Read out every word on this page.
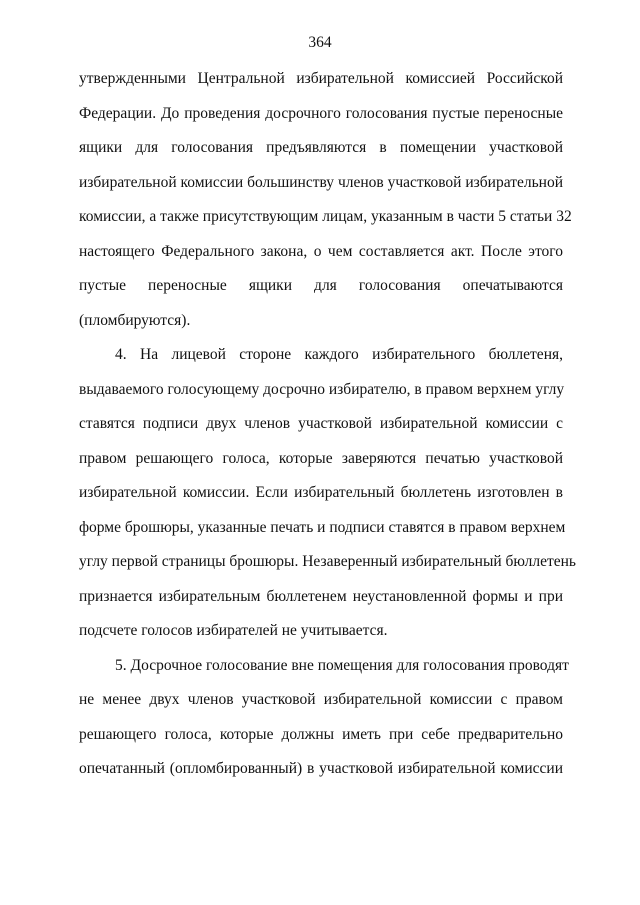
364
утвержденными Центральной избирательной комиссией Российской
Федерации. До проведения досрочного голосования пустые переносные
ящики для голосования предъявляются в помещении участковой
избирательной комиссии большинству членов участковой избирательной
комиссии, а также присутствующим лицам, указанным в части 5 статьи 32
настоящего Федерального закона, о чем составляется акт. После этого
пустые переносные ящики для голосования опечатываются
(пломбируются).
4. На лицевой стороне каждого избирательного бюллетеня,
выдаваемого голосующему досрочно избирателю, в правом верхнем углу
ставятся подписи двух членов участковой избирательной комиссии с
правом решающего голоса, которые заверяются печатью участковой
избирательной комиссии. Если избирательный бюллетень изготовлен в
форме брошюры, указанные печать и подписи ставятся в правом верхнем
углу первой страницы брошюры. Незаверенный избирательный бюллетень
признается избирательным бюллетенем неустановленной формы и при
подсчете голосов избирателей не учитывается.
5. Досрочное голосование вне помещения для голосования проводят
не менее двух членов участковой избирательной комиссии с правом
решающего голоса, которые должны иметь при себе предварительно
опечатанный (опломбированный) в участковой избирательной комиссии
